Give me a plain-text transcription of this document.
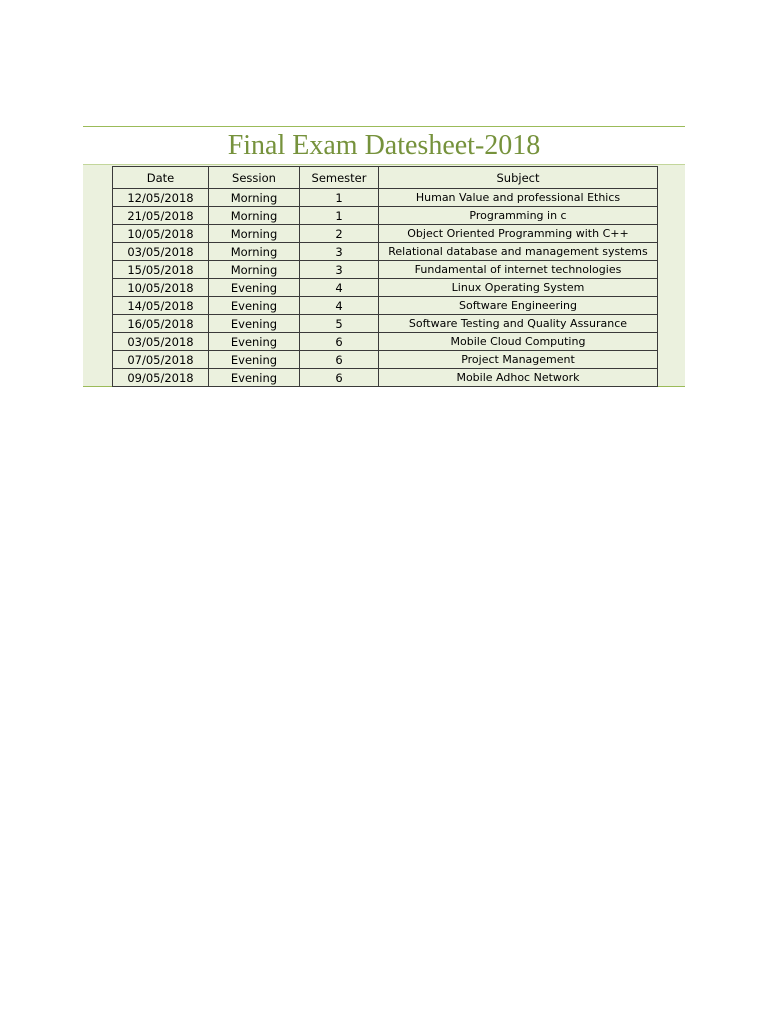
Final Exam Datesheet-2018
Date	Session	Semester	Subject
12/05/2018	Morning	1	Human Value and professional Ethics
21/05/2018	Morning	1	Programming in c
10/05/2018	Morning	2	Object Oriented Programming with C++
03/05/2018	Morning	3	Relational database and management systems
15/05/2018	Morning	3	Fundamental of internet technologies
10/05/2018	Evening	4	Linux Operating System
14/05/2018	Evening	4	Software Engineering
16/05/2018	Evening	5	Software Testing and Quality Assurance
03/05/2018	Evening	6	Mobile Cloud Computing
07/05/2018	Evening	6	Project Management
09/05/2018	Evening	6	Mobile Adhoc Network
